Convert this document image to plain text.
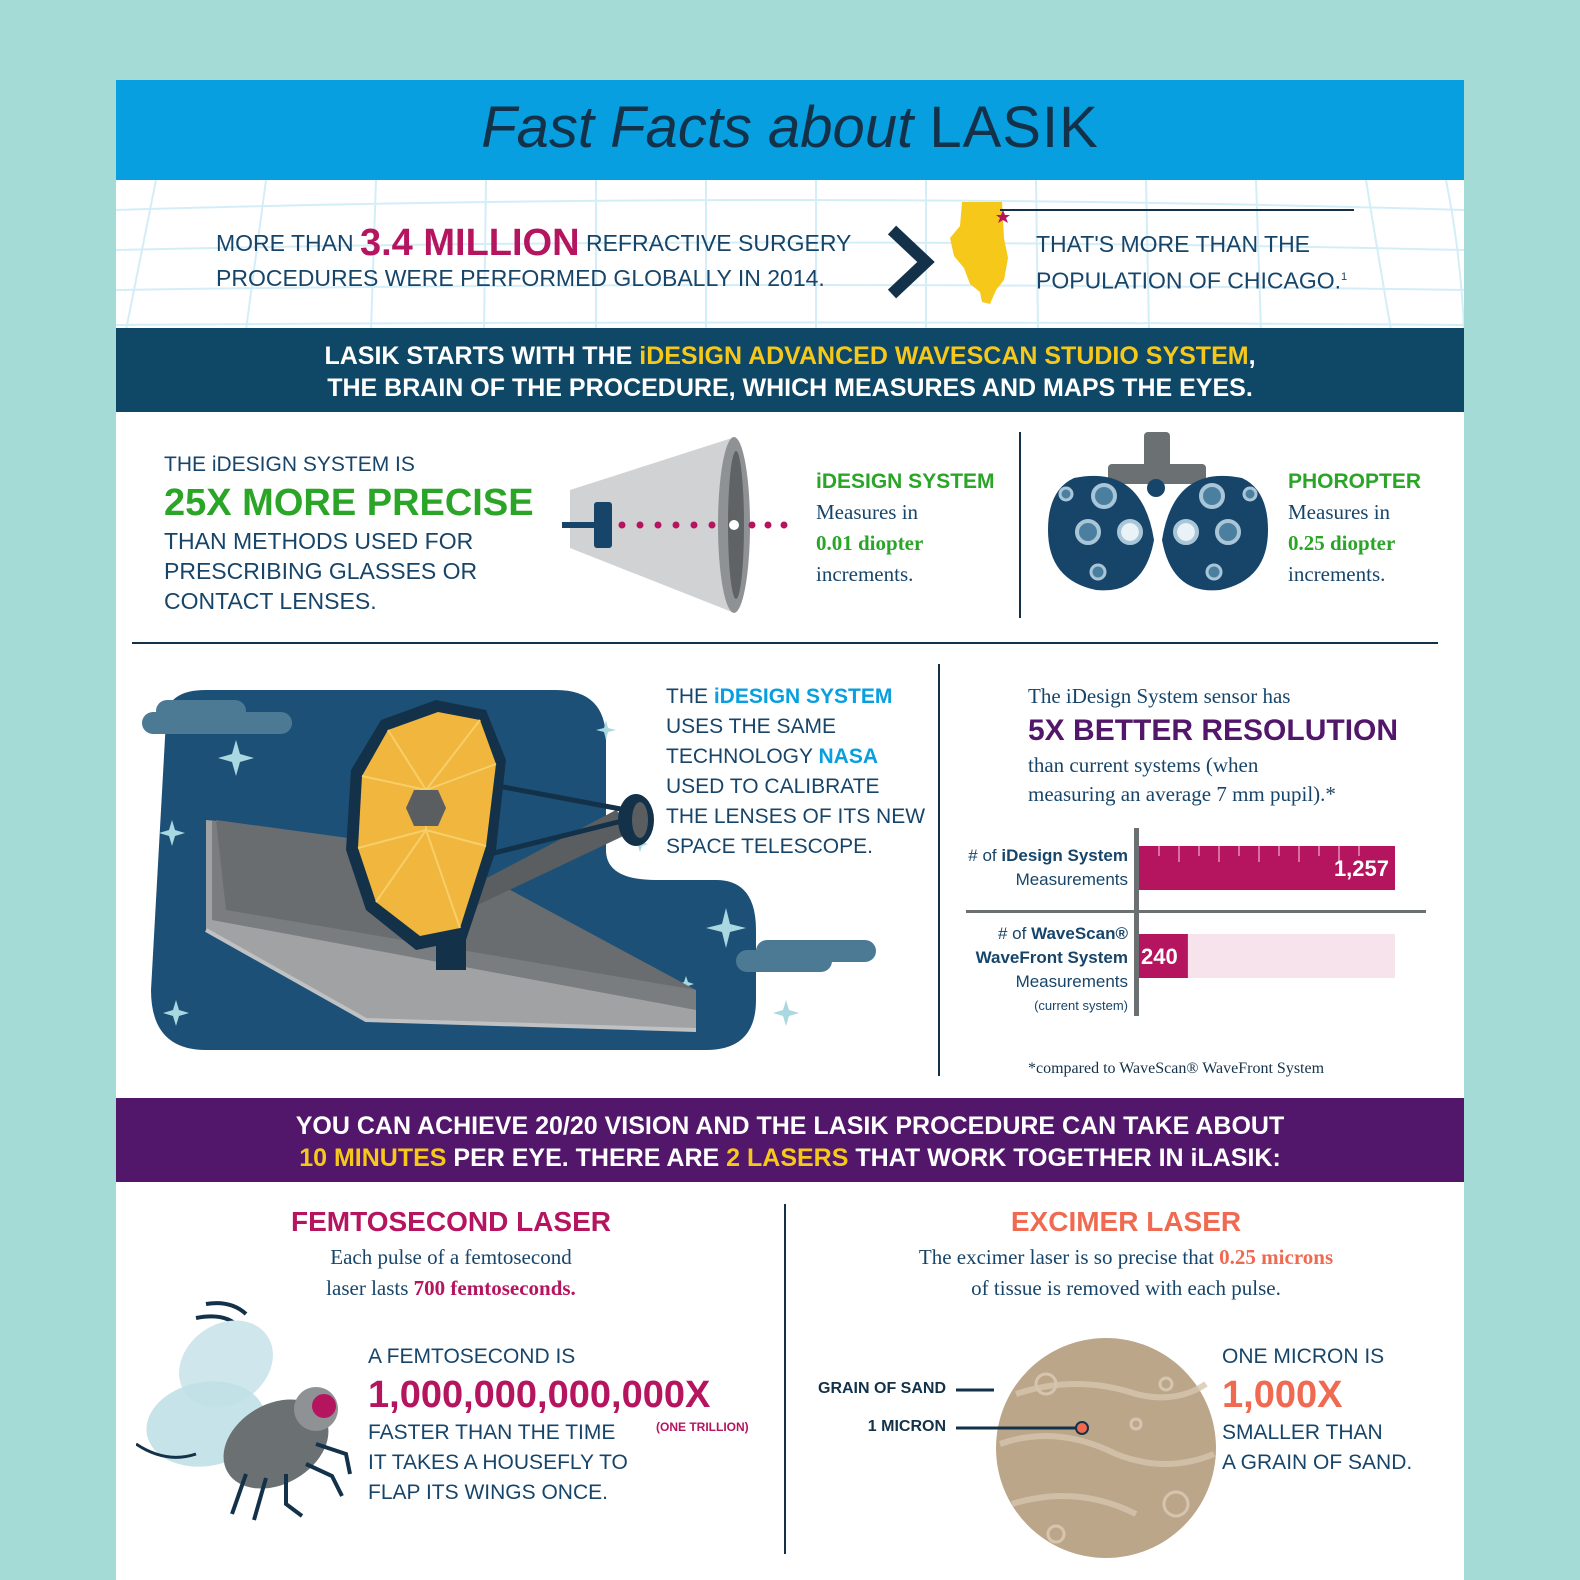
Fast Facts about LASIK
MORE THAN 3.4 MILLION REFRACTIVE SURGERY
PROCEDURES WERE PERFORMED GLOBALLY IN 2014.
THAT'S MORE THAN THE
POPULATION OF CHICAGO.$^1$
LASIK STARTS WITH THE iDESIGN ADVANCED WAVESCAN STUDIO SYSTEM,
THE BRAIN OF THE PROCEDURE, WHICH MEASURES AND MAPS THE EYES.
THE iDESIGN SYSTEM IS
25X MORE PRECISE
THAN METHODS USED FOR
PRESCRIBING GLASSES OR
CONTACT LENSES.
iDESIGN SYSTEM
Measures in
0.01 diopter
increments.
PHOROPTER
Measures in
0.25 diopter
increments.
THE iDESIGN SYSTEM
USES THE SAME
TECHNOLOGY NASA
USED TO CALIBRATE
THE LENSES OF ITS NEW
SPACE TELESCOPE.
The iDesign System sensor has
5X BETTER RESOLUTION
than current systems (when
measuring an average 7 mm pupil).*
# of iDesign System
Measurements
# of WaveScan®
WaveFront System
Measurements
(current system)
1,257
240
*compared to WaveScan® WaveFront System
YOU CAN ACHIEVE 20/20 VISION AND THE LASIK PROCEDURE CAN TAKE ABOUT
10 MINUTES PER EYE. THERE ARE 2 LASERS THAT WORK TOGETHER IN iLASIK:
FEMTOSECOND LASER
Each pulse of a femtosecond
laser lasts 700 femtoseconds.
A FEMTOSECOND IS
1,000,000,000,000X
(ONE TRILLION)
FASTER THAN THE TIME
IT TAKES A HOUSEFLY TO
FLAP ITS WINGS ONCE.
EXCIMER LASER
The excimer laser is so precise that 0.25 microns
of tissue is removed with each pulse.
GRAIN OF SAND
1 MICRON
ONE MICRON IS
1,000X
SMALLER THAN
A GRAIN OF SAND.
